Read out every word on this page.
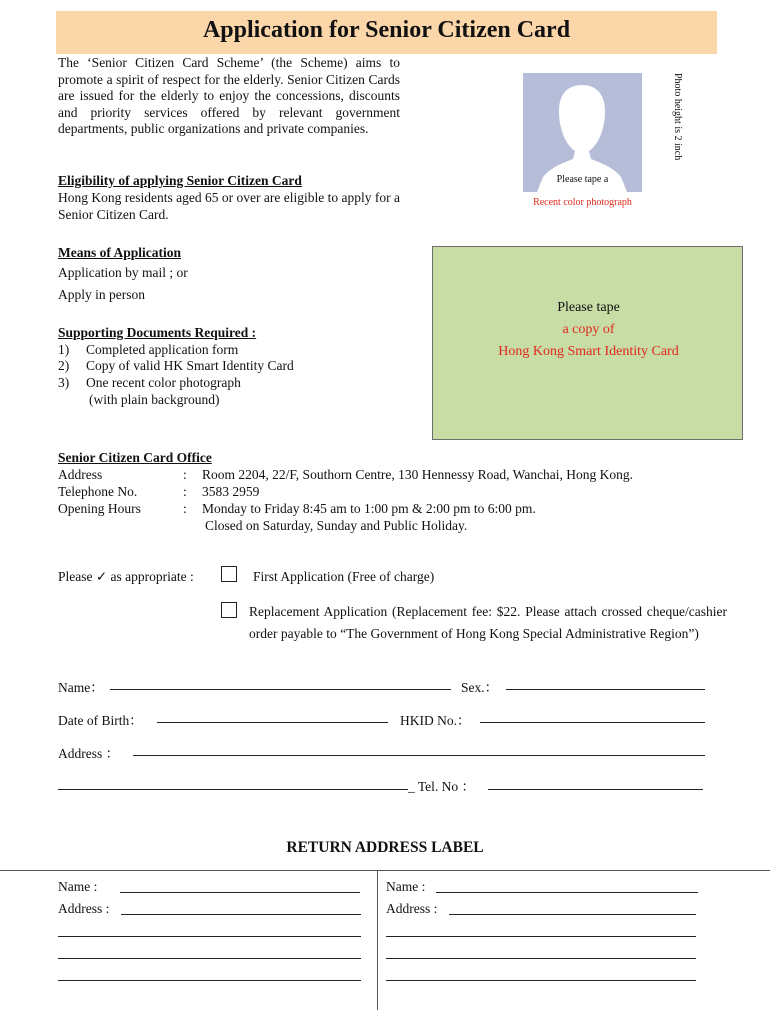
Application for Senior Citizen Card
The ‘Senior Citizen Card Scheme’ (the Scheme) aims to promote a spirit of respect for the elderly. Senior Citizen Cards are issued for the elderly to enjoy the concessions, discounts and priority services offered by relevant government departments, public organizations and private companies.
Eligibility of applying Senior Citizen Card
Hong Kong residents aged 65 or over are eligible to apply for a Senior Citizen Card.
Please tape a
Recent color photograph
Photo height is 2 inch
Means of Application
Application by mail ; or
Apply in person
Please tape
a copy of
Hong Kong Smart Identity Card
Supporting Documents Required :
1) Completed application form
2) Copy of valid HK Smart Identity Card
3) One recent color photograph
(with plain background)
Senior Citizen Card Office
Address	: Room 2204, 22/F, Southorn Centre, 130 Hennessy Road, Wanchai, Hong Kong.
Telephone No.	: 3583 2959
Opening Hours	: Monday to Friday 8:45 am to 1:00 pm & 2:00 pm to 6:00 pm.
Closed on Saturday, Sunday and Public Holiday.
Please ✓ as appropriate :	First Application (Free of charge)
Replacement Application (Replacement fee: $22. Please attach crossed cheque/cashier order payable to “The Government of Hong Kong Special Administrative Region”)
Name：	Sex.：
Date of Birth：	HKID No.：
Address ：
_ Tel. No ：
RETURN ADDRESS LABEL
Name :
Address :
Name :
Address :
